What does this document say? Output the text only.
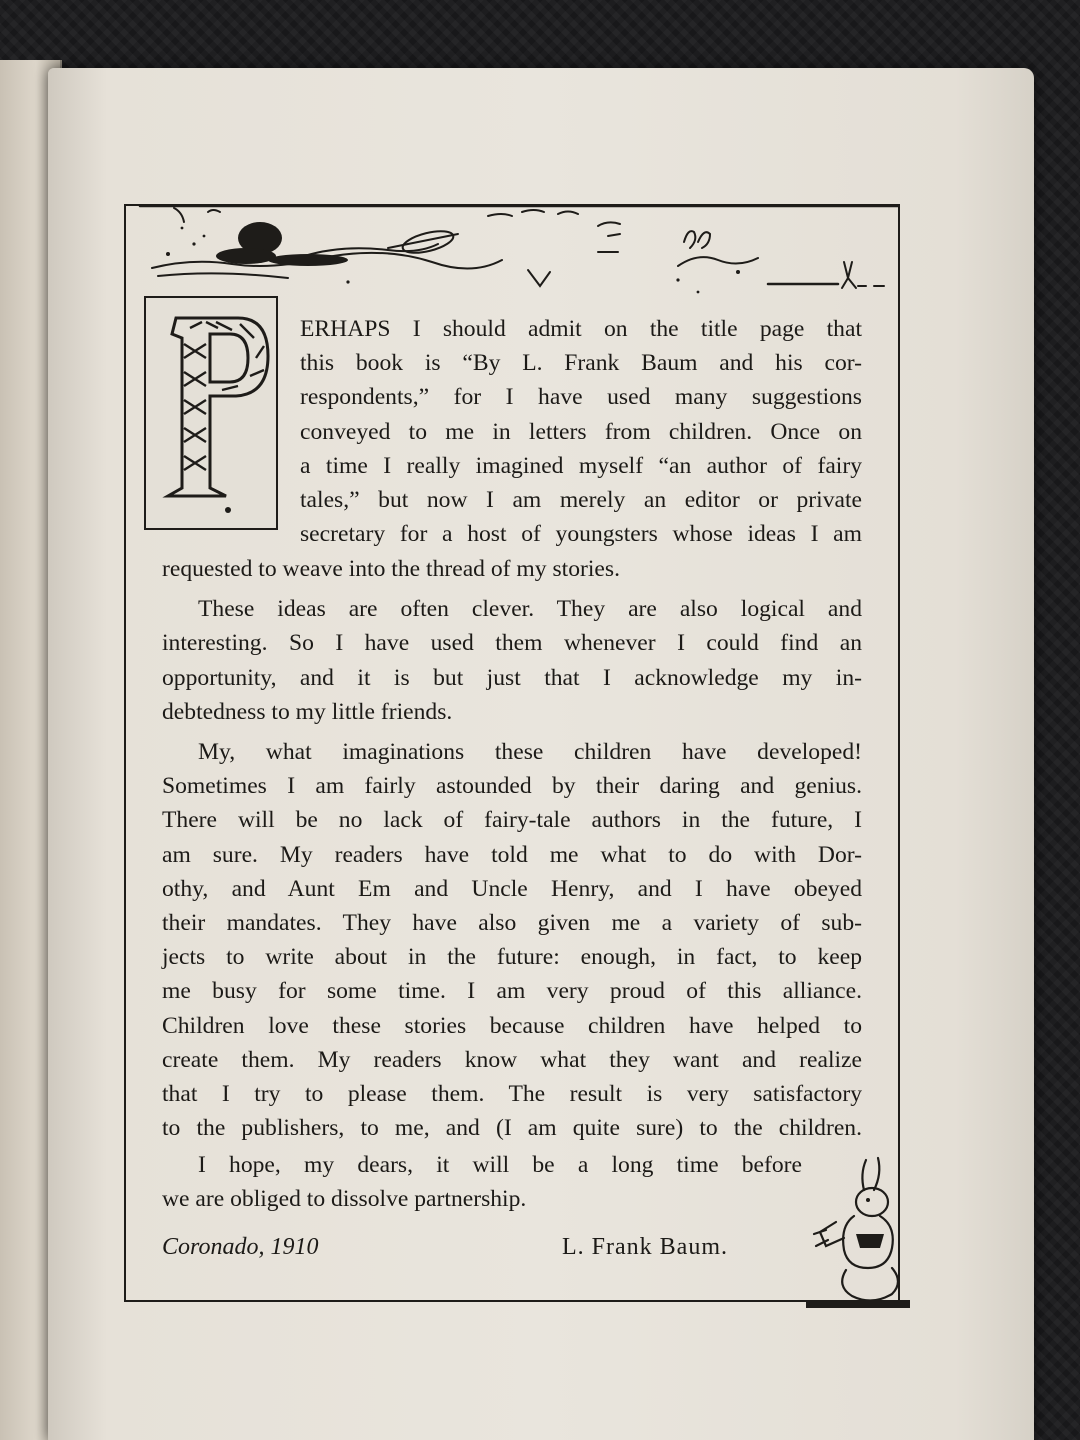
ERHAPS I should admit on the title page that
this book is “By L. Frank Baum and his cor-
respondents,” for I have used many suggestions
conveyed to me in letters from children. Once on
a time I really imagined myself “an author of fairy
tales,” but now I am merely an editor or private
secretary for a host of youngsters whose ideas I am
requested to weave into the thread of my stories.
These ideas are often clever. They are also logical and
interesting. So I have used them whenever I could find an
opportunity, and it is but just that I acknowledge my in-
debtedness to my little friends.
My, what imaginations these children have developed!
Sometimes I am fairly astounded by their daring and genius.
There will be no lack of fairy-tale authors in the future, I
am sure. My readers have told me what to do with Dor-
othy, and Aunt Em and Uncle Henry, and I have obeyed
their mandates. They have also given me a variety of sub-
jects to write about in the future: enough, in fact, to keep
me busy for some time. I am very proud of this alliance.
Children love these stories because children have helped to
create them. My readers know what they want and realize
that I try to please them. The result is very satisfactory
to the publishers, to me, and (I am quite sure) to the children.
I hope, my dears, it will be a long time before
we are obliged to dissolve partnership.
Coronado, 1910	L. Frank Baum.
